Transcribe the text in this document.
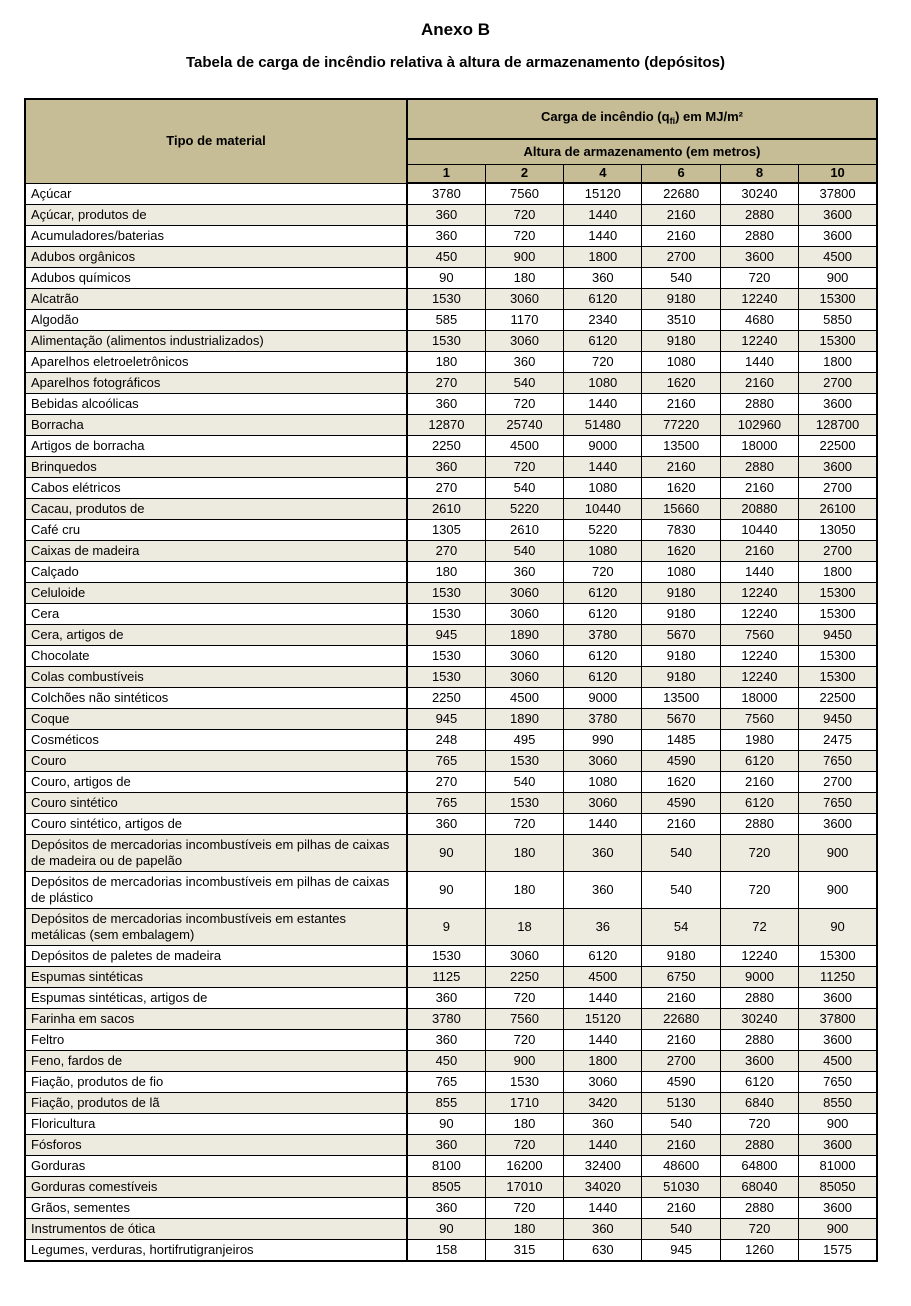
Anexo B
Tabela de carga de incêndio relativa à altura de armazenamento (depósitos)
Tipo de material	Carga de incêndio $(q_{fi})$ em MJ/m²					
	Altura de armazenamento (em metros)					
	1	2	4	6	8	10
Açúcar	3780	7560	15120	22680	30240	37800
Açúcar, produtos de	360	720	1440	2160	2880	3600
Acumuladores/baterias	360	720	1440	2160	2880	3600
Adubos orgânicos	450	900	1800	2700	3600	4500
Adubos químicos	90	180	360	540	720	900
Alcatrão	1530	3060	6120	9180	12240	15300
Algodão	585	1170	2340	3510	4680	5850
Alimentação (alimentos industrializados)	1530	3060	6120	9180	12240	15300
Aparelhos eletroeletrônicos	180	360	720	1080	1440	1800
Aparelhos fotográficos	270	540	1080	1620	2160	2700
Bebidas alcoólicas	360	720	1440	2160	2880	3600
Borracha	12870	25740	51480	77220	102960	128700
Artigos de borracha	2250	4500	9000	13500	18000	22500
Brinquedos	360	720	1440	2160	2880	3600
Cabos elétricos	270	540	1080	1620	2160	2700
Cacau, produtos de	2610	5220	10440	15660	20880	26100
Café cru	1305	2610	5220	7830	10440	13050
Caixas de madeira	270	540	1080	1620	2160	2700
Calçado	180	360	720	1080	1440	1800
Celuloide	1530	3060	6120	9180	12240	15300
Cera	1530	3060	6120	9180	12240	15300
Cera, artigos de	945	1890	3780	5670	7560	9450
Chocolate	1530	3060	6120	9180	12240	15300
Colas combustíveis	1530	3060	6120	9180	12240	15300
Colchões não sintéticos	2250	4500	9000	13500	18000	22500
Coque	945	1890	3780	5670	7560	9450
Cosméticos	248	495	990	1485	1980	2475
Couro	765	1530	3060	4590	6120	7650
Couro, artigos de	270	540	1080	1620	2160	2700
Couro sintético	765	1530	3060	4590	6120	7650
Couro sintético, artigos de	360	720	1440	2160	2880	3600
Depósitos de mercadorias incombustíveis em pilhas de caixas de madeira ou de papelão	90	180	360	540	720	900
Depósitos de mercadorias incombustíveis em pilhas de caixas de plástico	90	180	360	540	720	900
Depósitos de mercadorias incombustíveis em estantes metálicas (sem embalagem)	9	18	36	54	72	90
Depósitos de paletes de madeira	1530	3060	6120	9180	12240	15300
Espumas sintéticas	1125	2250	4500	6750	9000	11250
Espumas sintéticas, artigos de	360	720	1440	2160	2880	3600
Farinha em sacos	3780	7560	15120	22680	30240	37800
Feltro	360	720	1440	2160	2880	3600
Feno, fardos de	450	900	1800	2700	3600	4500
Fiação, produtos de fio	765	1530	3060	4590	6120	7650
Fiação, produtos de lã	855	1710	3420	5130	6840	8550
Floricultura	90	180	360	540	720	900
Fósforos	360	720	1440	2160	2880	3600
Gorduras	8100	16200	32400	48600	64800	81000
Gorduras comestíveis	8505	17010	34020	51030	68040	85050
Grãos, sementes	360	720	1440	2160	2880	3600
Instrumentos de ótica	90	180	360	540	720	900
Legumes, verduras, hortifrutigranjeiros	158	315	630	945	1260	1575
